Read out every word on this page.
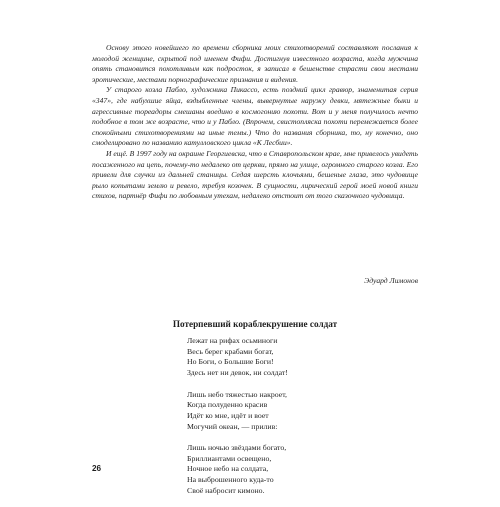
Основу этого новейшего по времени сборника моих стихотворений составляют послания к молодой женщине, скрытой под именем Фифи. Достигнув известного возраста, когда мужчина опять становится похотливым как подросток, я записал в бешенстве страсти свои местами эротические, местами порнографические признания и видения.

У старого козла Пабло, художника Пикассо, есть поздний цикл гравюр, знаменитая серия «347», где набухшие яйца, вздыбленные члены, вывернутые наружу девки, мятежные быки и агрессивные тореадоры смешаны воедино в космогонию похоти. Вот и у меня получилось нечто подобное в том же возрасте, что и у Пабло. (Впрочем, свистопляска похоти перемежается более спокойными стихотворениями на иные темы.) Что до названия сборника, то, ну конечно, оно смоделировано по названию катулловского цикла «К Лесбии».

И ещё. В 1997 году на окраине Георгиевска, что в Ставропольском крае, мне привелось увидеть посаженного на цепь, почему-то недалеко от церкви, прямо на улице, огромного старого козла. Его привели для случки из дальней станицы. Седая шерсть клочьями, бешеные глаза, это чудовище рыло копытами землю и ревело, требуя козочек. В сущности, лирический герой моей новой книги стихов, партнёр Фифи по любовным утехам, недалеко отстоит от того сказочного чудовища.

Эдуард Лимонов
Потерпевший кораблекрушение солдат
Лежат на рифах осьминоги
Весь берег крабами богат,
Но Боги, о Большие Боги!
Здесь нет ни девок, ни солдат!
Лишь небо тяжестью накроет,
Когда полуденно красив
Идёт ко мне, идёт и воет
Могучий океан, — прилив:
Лишь ночью звёздами богато,
Бриллиантами освещено,
Ночное небо на солдата,
На выброшенного куда-то
Своё набросит кимоно.
26
